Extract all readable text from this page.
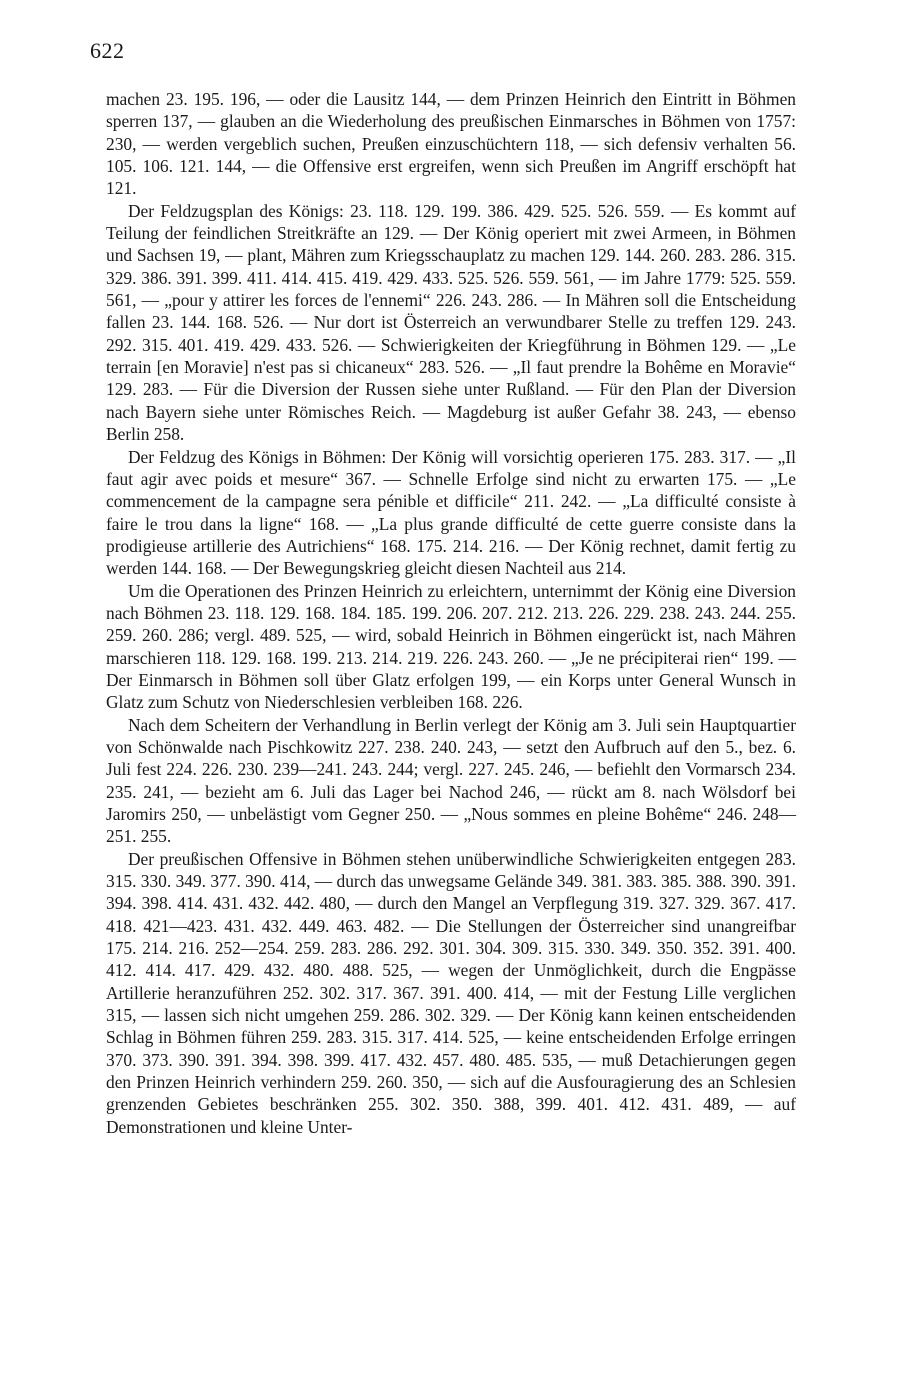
622

machen 23. 195. 196, — oder die Lausitz 144, — dem Prinzen Heinrich den Eintritt in Böhmen sperren 137, — glauben an die Wiederholung des preußischen Einmarsches in Böhmen von 1757: 230, — werden vergeblich suchen, Preußen einzuschüchtern 118, — sich defensiv verhalten 56. 105. 106. 121. 144, — die Offensive erst ergreifen, wenn sich Preußen im Angriff erschöpft hat 121.

Der Feldzugsplan des Königs: 23. 118. 129. 199. 386. 429. 525. 526. 559. — Es kommt auf Teilung der feindlichen Streitkräfte an 129. — Der König operiert mit zwei Armeen, in Böhmen und Sachsen 19, — plant, Mähren zum Kriegsschauplatz zu machen 129. 144. 260. 283. 286. 315. 329. 386. 391. 399. 411. 414. 415. 419. 429. 433. 525. 526. 559. 561, — im Jahre 1779: 525. 559. 561, — „pour y attirer les forces de l'ennemi“ 226. 243. 286. — In Mähren soll die Entscheidung fallen 23. 144. 168. 526. — Nur dort ist Österreich an verwundbarer Stelle zu treffen 129. 243. 292. 315. 401. 419. 429. 433. 526. — Schwierigkeiten der Kriegführung in Böhmen 129. — „Le terrain [en Moravie] n'est pas si chicaneux“ 283. 526. — „Il faut prendre la Bohême en Moravie“ 129. 283. — Für die Diversion der Russen siehe unter Rußland. — Für den Plan der Diversion nach Bayern siehe unter Römisches Reich. — Magdeburg ist außer Gefahr 38. 243, — ebenso Berlin 258.

Der Feldzug des Königs in Böhmen: Der König will vorsichtig operieren 175. 283. 317. — „Il faut agir avec poids et mesure“ 367. — Schnelle Erfolge sind nicht zu erwarten 175. — „Le commencement de la campagne sera pénible et difficile“ 211. 242. — „La difficulté consiste à faire le trou dans la ligne“ 168. — „La plus grande difficulté de cette guerre consiste dans la prodigieuse artillerie des Autrichiens“ 168. 175. 214. 216. — Der König rechnet, damit fertig zu werden 144. 168. — Der Bewegungskrieg gleicht diesen Nachteil aus 214.

Um die Operationen des Prinzen Heinrich zu erleichtern, unternimmt der König eine Diversion nach Böhmen 23. 118. 129. 168. 184. 185. 199. 206. 207. 212. 213. 226. 229. 238. 243. 244. 255. 259. 260. 286; vergl. 489. 525, — wird, sobald Heinrich in Böhmen eingerückt ist, nach Mähren marschieren 118. 129. 168. 199. 213. 214. 219. 226. 243. 260. — „Je ne précipiterai rien“ 199. — Der Einmarsch in Böhmen soll über Glatz erfolgen 199, — ein Korps unter General Wunsch in Glatz zum Schutz von Niederschlesien verbleiben 168. 226.

Nach dem Scheitern der Verhandlung in Berlin verlegt der König am 3. Juli sein Hauptquartier von Schönwalde nach Pischkowitz 227. 238. 240. 243, — setzt den Aufbruch auf den 5., bez. 6. Juli fest 224. 226. 230. 239—241. 243. 244; vergl. 227. 245. 246, — befiehlt den Vormarsch 234. 235. 241, — bezieht am 6. Juli das Lager bei Nachod 246, — rückt am 8. nach Wölsdorf bei Jaromirs 250, — unbelästigt vom Gegner 250. — „Nous sommes en pleine Bohême“ 246. 248—251. 255.

Der preußischen Offensive in Böhmen stehen unüberwindliche Schwierigkeiten entgegen 283. 315. 330. 349. 377. 390. 414, — durch das unwegsame Gelände 349. 381. 383. 385. 388. 390. 391. 394. 398. 414. 431. 432. 442. 480, — durch den Mangel an Verpflegung 319. 327. 329. 367. 417. 418. 421—423. 431. 432. 449. 463. 482. — Die Stellungen der Österreicher sind unangreifbar 175. 214. 216. 252—254. 259. 283. 286. 292. 301. 304. 309. 315. 330. 349. 350. 352. 391. 400. 412. 414. 417. 429. 432. 480. 488. 525, — wegen der Unmöglichkeit, durch die Engpässe Artillerie heranzuführen 252. 302. 317. 367. 391. 400. 414, — mit der Festung Lille verglichen 315, — lassen sich nicht umgehen 259. 286. 302. 329. — Der König kann keinen entscheidenden Schlag in Böhmen führen 259. 283. 315. 317. 414. 525, — keine entscheidenden Erfolge erringen 370. 373. 390. 391. 394. 398. 399. 417. 432. 457. 480. 485. 535, — muß Detachierungen gegen den Prinzen Heinrich verhindern 259. 260. 350, — sich auf die Ausfouragierung des an Schlesien grenzenden Gebietes beschränken 255. 302. 350. 388, 399. 401. 412. 431. 489, — auf Demonstrationen und kleine Unter-
